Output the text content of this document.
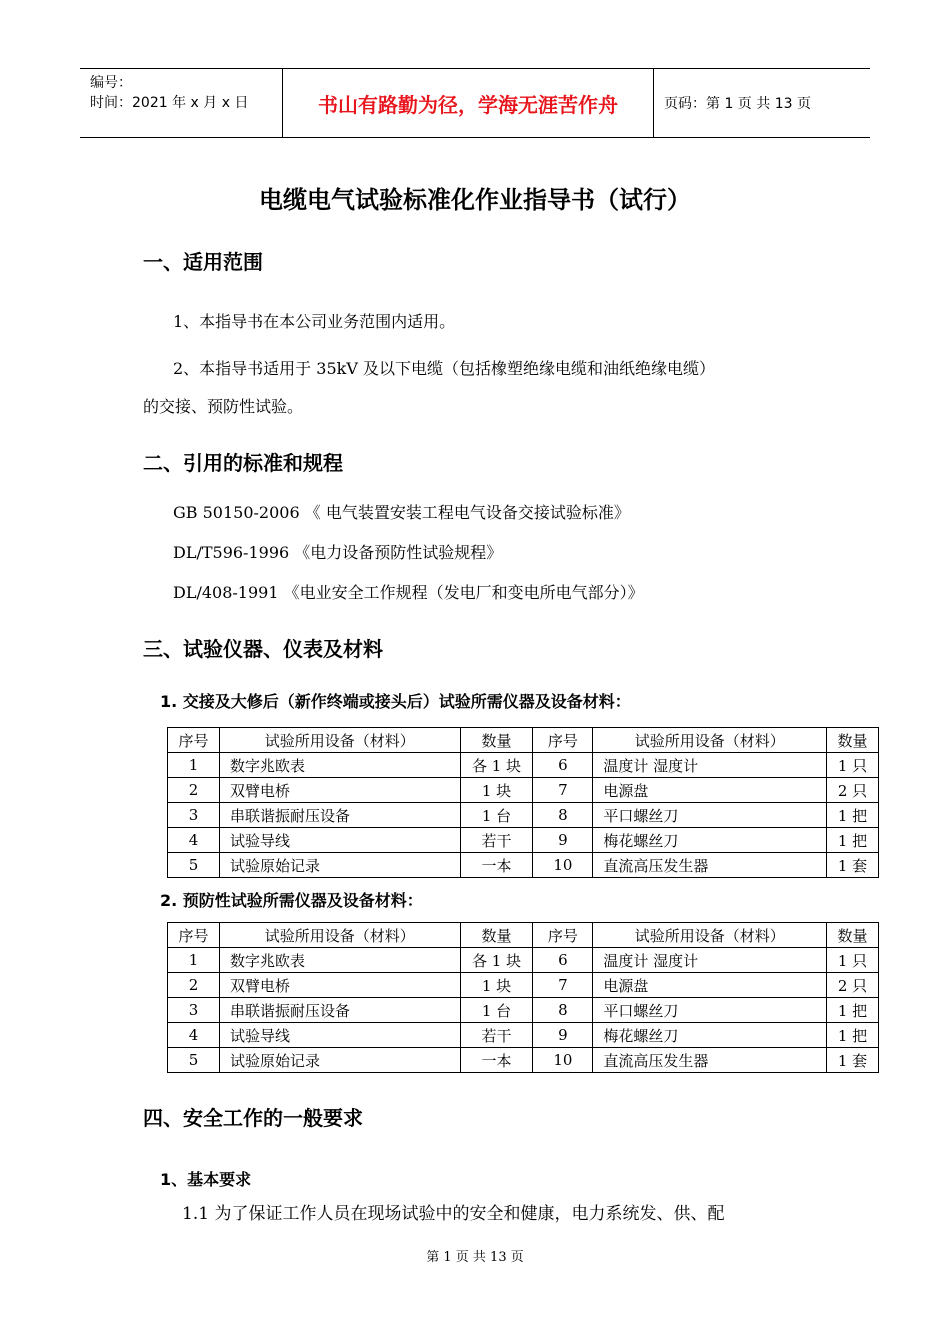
编号：
时间：2021 年 x 月 x 日	书山有路勤为径，学海无涯苦作舟	页码：第 1 页 共 13 页
电缆电气试验标准化作业指导书（试行）
一、适用范围
1、本指导书在本公司业务范围内适用。
2、本指导书适用于 35kV 及以下电缆（包括橡塑绝缘电缆和油纸绝缘电缆）
的交接、预防性试验。
二、引用的标准和规程
GB 50150-2006 《 电气装置安装工程电气设备交接试验标准》
DL/T596-1996 《电力设备预防性试验规程》
DL/408-1991 《电业安全工作规程（发电厂和变电所电气部分）》
三、试验仪器、仪表及材料
1. 交接及大修后（新作终端或接头后）试验所需仪器及设备材料：
序号	试验所用设备（材料）	数量	序号	试验所用设备（材料）	数量
1	数字兆欧表	各 1 块	6	温度计 湿度计	1 只
2	双臂电桥	1 块	7	电源盘	2 只
3	串联谐振耐压设备	1 台	8	平口螺丝刀	1 把
4	试验导线	若干	9	梅花螺丝刀	1 把
5	试验原始记录	一本	10	直流高压发生器	1 套
2. 预防性试验所需仪器及设备材料：
序号	试验所用设备（材料）	数量	序号	试验所用设备（材料）	数量
1	数字兆欧表	各 1 块	6	温度计 湿度计	1 只
2	双臂电桥	1 块	7	电源盘	2 只
3	串联谐振耐压设备	1 台	8	平口螺丝刀	1 把
4	试验导线	若干	9	梅花螺丝刀	1 把
5	试验原始记录	一本	10	直流高压发生器	1 套
四、安全工作的一般要求
1、基本要求
1.1 为了保证工作人员在现场试验中的安全和健康，电力系统发、供、配
第 1 页 共 13 页
